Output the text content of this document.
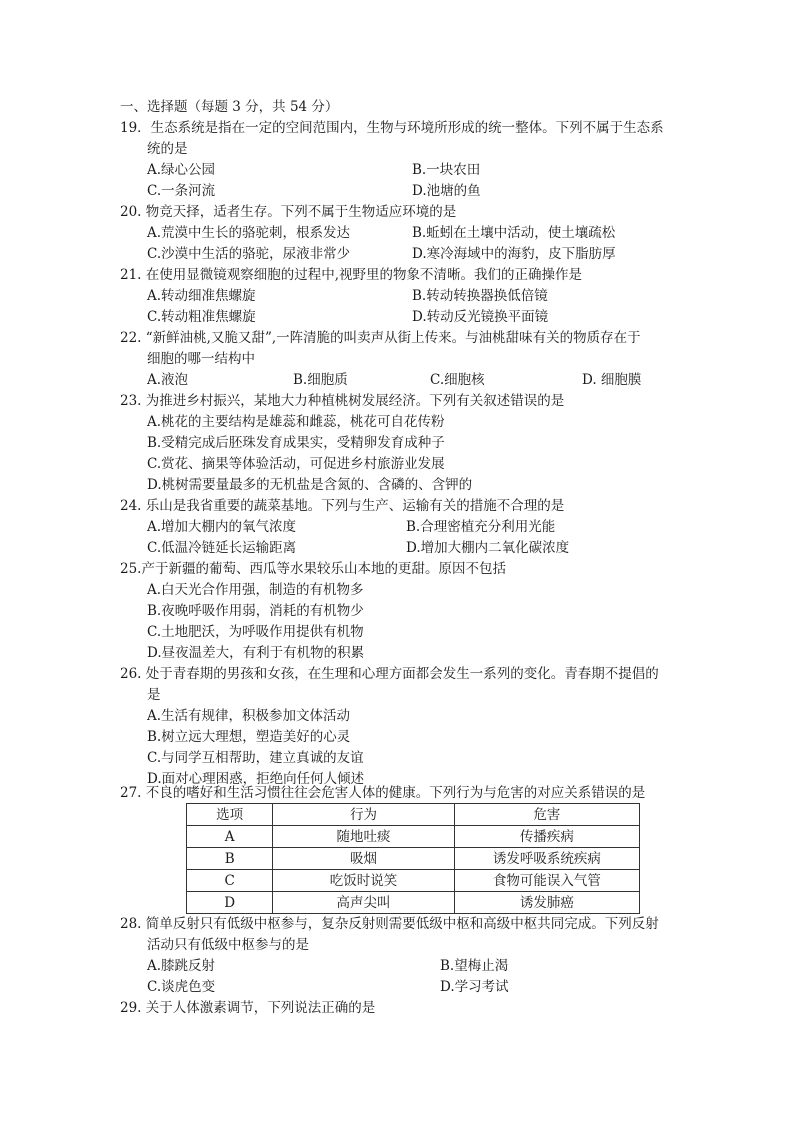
一、选择题（每题 3 分，共 54 分）
19．生态系统是指在一定的空间范围内，生物与环境所形成的统一整体。下列不属于生态系
统的是
A.绿心公园	B.一块农田
C.一条河流	D.池塘的鱼
20. 物竞天择，适者生存。下列不属于生物适应环境的是
A.荒漠中生长的骆驼刺，根系发达	B.蚯蚓在土壤中活动，使土壤疏松
C.沙漠中生活的骆驼，尿液非常少	D.寒冷海域中的海豹，皮下脂肪厚
21. 在使用显微镜观察细胞的过程中,视野里的物象不清晰。我们的正确操作是
A.转动细准焦螺旋	B.转动转换器换低倍镜
C.转动粗准焦螺旋	D.转动反光镜换平面镜
22. “新鲜油桃,又脆又甜”,一阵清脆的叫卖声从街上传来。与油桃甜味有关的物质存在于
细胞的哪一结构中
A.液泡	B.细胞质	C.细胞核	D. 细胞膜
23. 为推进乡村振兴，某地大力种植桃树发展经济。下列有关叙述错误的是
A.桃花的主要结构是雄蕊和雌蕊，桃花可自花传粉
B.受精完成后胚珠发育成果实，受精卵发育成种子
C.赏花、摘果等体验活动，可促进乡村旅游业发展
D.桃树需要量最多的无机盐是含氮的、含磷的、含钾的
24. 乐山是我省重要的蔬菜基地。下列与生产、运输有关的措施不合理的是
A.增加大棚内的氧气浓度	B.合理密植充分利用光能
C.低温冷链延长运输距离	D.增加大棚内二氧化碳浓度
25.产于新疆的葡萄、西瓜等水果较乐山本地的更甜。原因不包括
A.白天光合作用强，制造的有机物多
B.夜晚呼吸作用弱，消耗的有机物少
C.土地肥沃，为呼吸作用提供有机物
D.昼夜温差大，有利于有机物的积累
26. 处于青春期的男孩和女孩，在生理和心理方面都会发生一系列的变化。青春期不提倡的
是
A.生活有规律，积极参加文体活动
B.树立远大理想，塑造美好的心灵
C.与同学互相帮助，建立真诚的友谊
D.面对心理困惑，拒绝向任何人倾述
27. 不良的嗜好和生活习惯往往会危害人体的健康。下列行为与危害的对应关系错误的是
选项	行为	危害
A	随地吐痰	传播疾病
B	吸烟	诱发呼吸系统疾病
C	吃饭时说笑	食物可能误入气管
D	高声尖叫	诱发肺癌
28. 简单反射只有低级中枢参与，复杂反射则需要低级中枢和高级中枢共同完成。下列反射
活动只有低级中枢参与的是
A.膝跳反射	B.望梅止渴
C.谈虎色变	D.学习考试
29. 关于人体激素调节，下列说法正确的是
